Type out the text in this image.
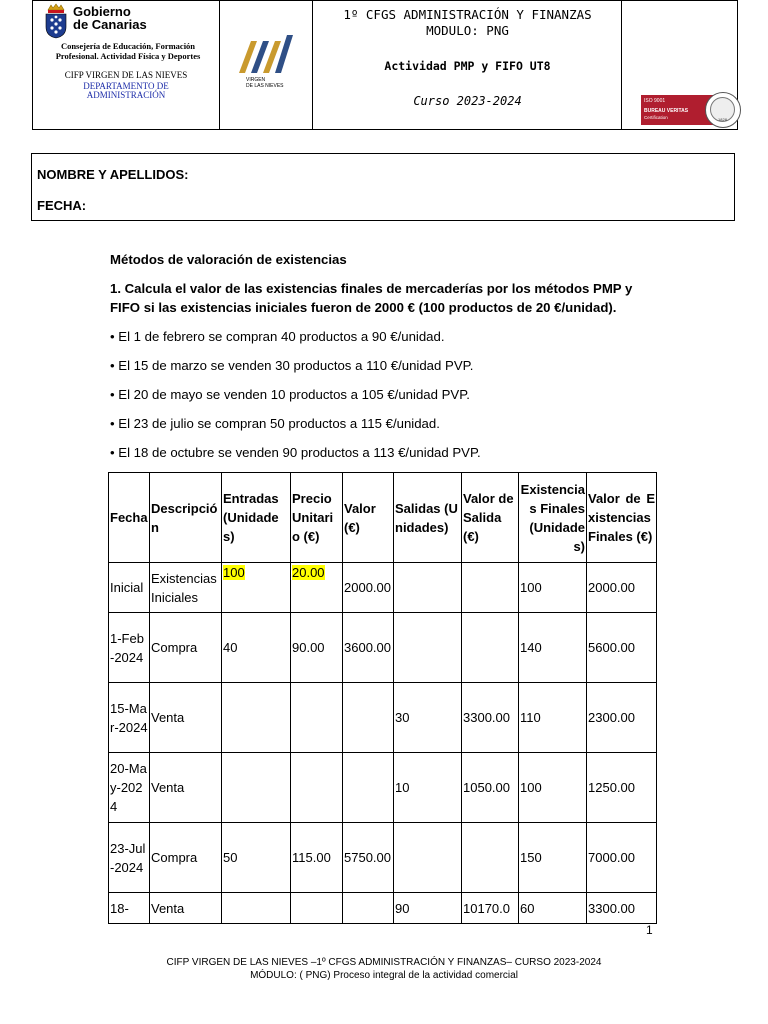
Gobierno
de Canarias
Consejería de Educación, Formación
Profesional. Actividad Física y Deportes
CIFP VIRGEN DE LAS NIEVES
DEPARTAMENTO DE
ADMINISTRACIÓN
VIRGEN
DE LAS NIEVES
1º CFGS ADMINISTRACIÓN Y FINANZAS
MODULO: PNG
Actividad PMP y FIFO UT8
Curso 2023-2024	ISO 9001
BUREAU VERITAS
Certification	1828
NOMBRE Y APELLIDOS:
FECHA:
Métodos de valoración de existencias
1. Calcula el valor de las existencias finales de mercaderías por los métodos PMP y
FIFO si las existencias iniciales fueron de 2000 € (100 productos de 20 €/unidad).
• El 1 de febrero se compran 40 productos a 90 €/unidad.
• El 15 de marzo se venden 30 productos a 110 €/unidad PVP.
• El 20 de mayo se venden 10 productos a 105 €/unidad PVP.
• El 23 de julio se compran 50 productos a 115 €/unidad.
• El 18 de octubre se venden 90 productos a 113 €/unidad PVP.
Fecha	Descripción	Entradas (Unidades)	Precio Unitario (€)	Valor (€)	Salidas (Unidades)	Valor de Salida (€)	Existencias Finales (Unidades)	Valor de Existencias Finales (€)
Inicial	Existencias Iniciales	100	20.00	2000.00			100	2000.00
1-Feb-2024	Compra	40	90.00	3600.00			140	5600.00
15-Mar-2024	Venta				30	3300.00	110	2300.00
20-May-2024	Venta				10	1050.00	100	1250.00
23-Jul-2024	Compra	50	115.00	5750.00			150	7000.00
18-	Venta				90	10170.0	60	3300.00
1
CIFP VIRGEN DE LAS NIEVES –1º CFGS ADMINISTRACIÓN Y FINANZAS– CURSO 2023-2024
MÓDULO: ( PNG) Proceso integral de la actividad comercial
